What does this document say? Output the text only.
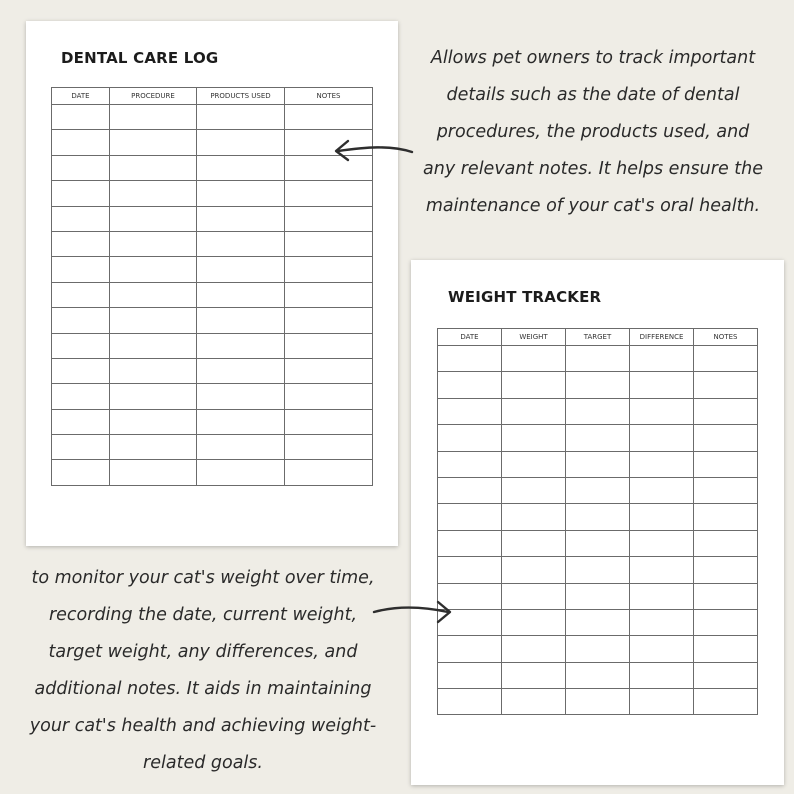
DENTAL CARE LOG
DATE	PROCEDURE	PRODUCTS USED	NOTES

WEIGHT TRACKER
DATE	WEIGHT	TARGET	DIFFERENCE	NOTES

Allows pet owners to track important details such as the date of dental procedures, the products used, and any relevant notes. It helps ensure the maintenance of your cat's oral health.

to monitor your cat's weight over time, recording the date, current weight, target weight, any differences, and additional notes. It aids in maintaining your cat's health and achieving weight-related goals.
